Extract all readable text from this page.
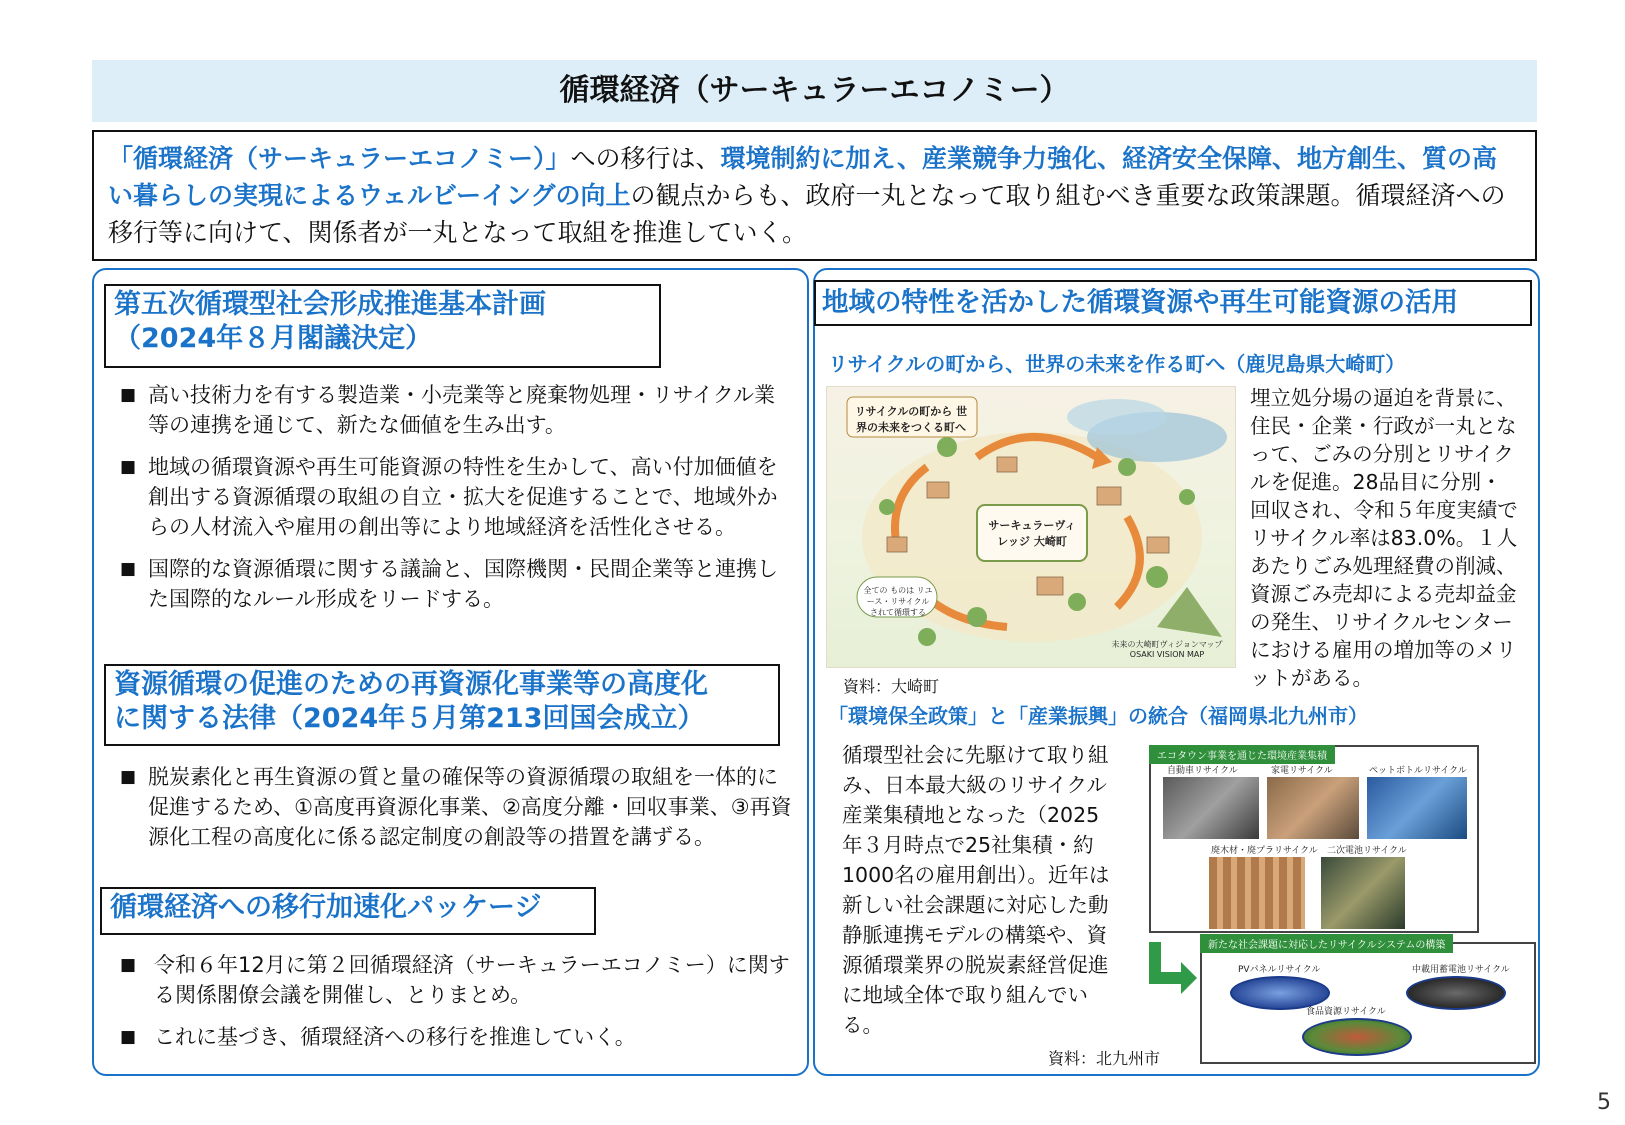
循環経済（サーキュラーエコノミー）
「循環経済（サーキュラーエコノミー）」への移行は、環境制約に加え、産業競争力強化、経済安全保障、地方創生、質の高い暮らしの実現によるウェルビーイングの向上の観点からも、政府一丸となって取り組むべき重要な政策課題。循環経済への移行等に向けて、関係者が一丸となって取組を推進していく。
第五次循環型社会形成推進基本計画
（2024年８月閣議決定）
■ 高い技術力を有する製造業・小売業等と廃棄物処理・リサイクル業等の連携を通じて、新たな価値を生み出す。
■ 地域の循環資源や再生可能資源の特性を生かして、高い付加価値を創出する資源循環の取組の自立・拡大を促進することで、地域外からの人材流入や雇用の創出等により地域経済を活性化させる。
■ 国際的な資源循環に関する議論と、国際機関・民間企業等と連携した国際的なルール形成をリードする。
資源循環の促進のための再資源化事業等の高度化
に関する法律（2024年５月第213回国会成立）
■ 脱炭素化と再生資源の質と量の確保等の資源循環の取組を一体的に促進するため、①高度再資源化事業、②高度分離・回収事業、③再資源化工程の高度化に係る認定制度の創設等の措置を講ずる。
循環経済への移行加速化パッケージ
■ 令和６年12月に第２回循環経済（サーキュラーエコノミー）に関する関係閣僚会議を開催し、とりまとめ。
■ これに基づき、循環経済への移行を推進していく。
地域の特性を活かした循環資源や再生可能資源の活用
リサイクルの町から、世界の未来を作る町へ（鹿児島県大崎町）
リサイクルの町から 世界の未来をつくる町へ
サーキュラーヴィレッジ 大崎町
全ての ものは リユース・リサイクル されて循環する
未来の大崎町ヴィジョンマップ OSAKI VISION MAP
資料：大崎町
埋立処分場の逼迫を背景に、住民・企業・行政が一丸となって、ごみの分別とリサイクルを促進。28品目に分別・回収され、令和５年度実績でリサイクル率は83.0%。１人あたりごみ処理経費の削減、資源ごみ売却による売却益金の発生、リサイクルセンターにおける雇用の増加等のメリットがある。
「環境保全政策」と「産業振興」の統合（福岡県北九州市）
循環型社会に先駆けて取り組み、日本最大級のリサイクル産業集積地となった（2025年３月時点で25社集積・約1000名の雇用創出）。近年は新しい社会課題に対応した動静脈連携モデルの構築や、資源循環業界の脱炭素経営促進に地域全体で取り組んでいる。
エコタウン事業を通じた環境産業集積
自動車リサイクル	家電リサイクル	ペットボトルリサイクル
廃木材・廃プラリサイクル 二次電池リサイクル
新たな社会課題に対応したリサイクルシステムの構築
PVパネルリサイクル	中載用蓄電池リサイクル
食品資源リサイクル
資料：北九州市
5
